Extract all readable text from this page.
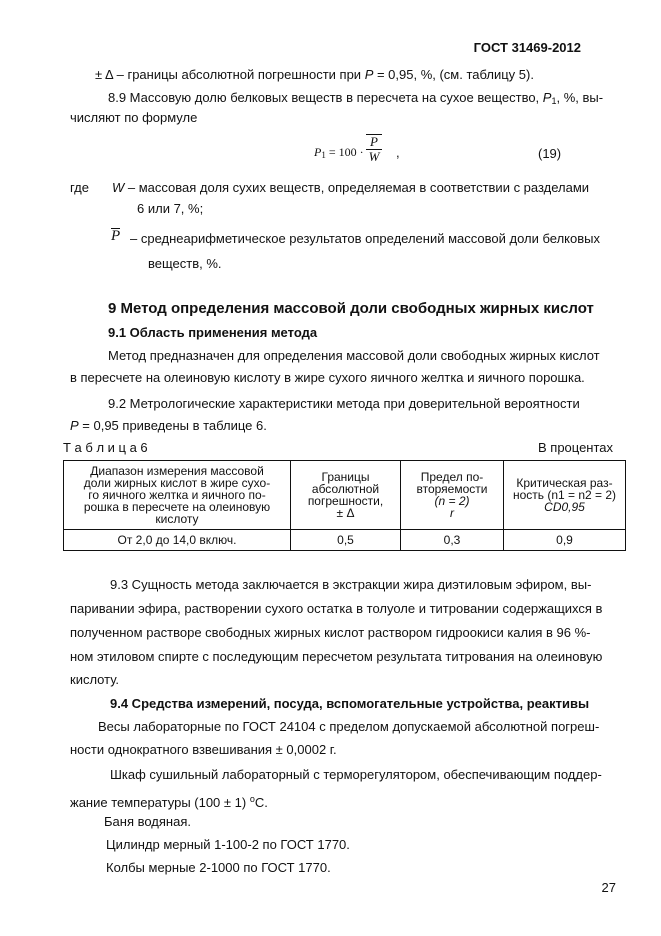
ГОСТ 31469-2012
± Δ – границы абсолютной погрешности при P = 0,95, %, (см. таблицу 5).
8.9 Массовую долю белковых веществ в пересчета на сухое вещество, $P_1$, %, вы-
числяют по формуле
$P_1 = 100 \cdot \frac{P}{W}$ ,	(19)
где W – массовая доля сухих веществ, определяемая в соответствии с разделами
6 или 7, %;
P – среднеарифметическое результатов определений массовой доли белковых
веществ, %.
9 Метод определения массовой доли свободных жирных кислот
9.1 Область применения метода
Метод предназначен для определения массовой доли свободных жирных кислот
в пересчете на олеиновую кислоту в жире сухого яичного желтка и яичного порошка.
9.2 Метрологические характеристики метода при доверительной вероятности
P = 0,95 приведены в таблице 6.
Т а б л и ц а 6	В процентах
Диапазон измерения массовой
доли жирных кислот в жире сухо-
го яичного желтка и яичного по-
рошка в пересчете на олеиновую
кислоту	Границы
абсолютной
погрешности,
± Δ	Предел по-
вторяемости
(n = 2)
r	Критическая раз-
ность (n1 = n2 = 2)
CD0,95
От 2,0 до 14,0 включ.	0,5	0,3	0,9
9.3 Сущность метода заключается в экстракции жира диэтиловым эфиром, вы-
паривании эфира, растворении сухого остатка в толуоле и титровании содержащихся в
полученном растворе свободных жирных кислот раствором гидроокиси калия в 96 %-
ном этиловом спирте с последующим пересчетом результата титрования на олеиновую
кислоту.
9.4 Средства измерений, посуда, вспомогательные устройства, реактивы
Весы лабораторные по ГОСТ 24104 с пределом допускаемой абсолютной погреш-
ности однократного взвешивания ± 0,0002 г.
Шкаф сушильный лабораторный с терморегулятором, обеспечивающим поддер-
жание температуры (100 ± 1) $^o$С.
Баня водяная.
Цилиндр мерный 1-100-2 по ГОСТ 1770.
Колбы мерные 2-1000 по ГОСТ 1770.
27
